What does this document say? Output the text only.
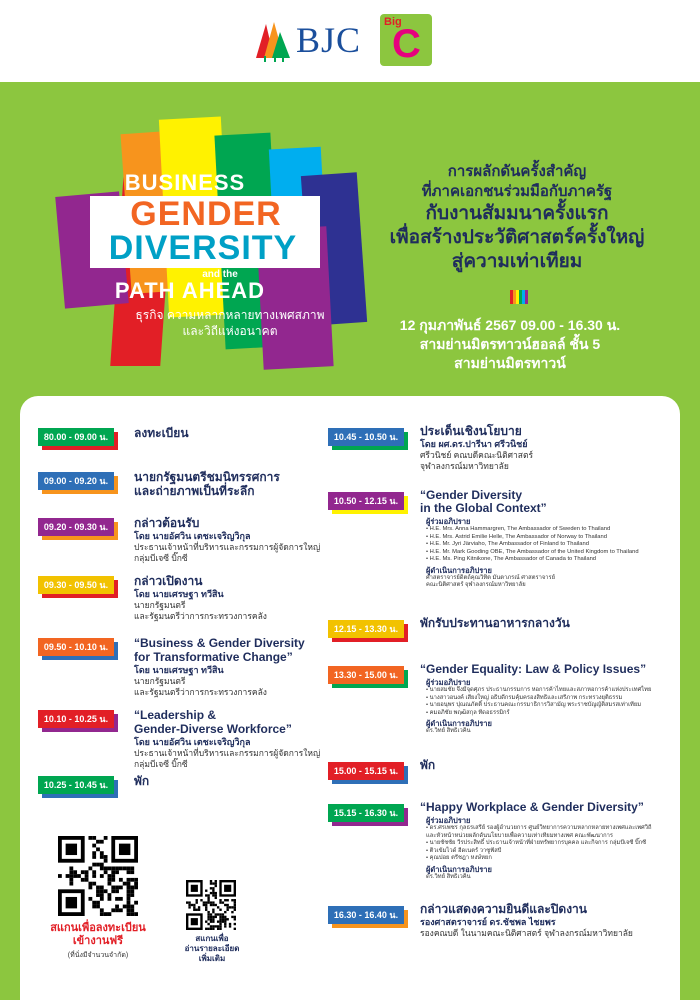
BJC Big
C
BUSINESS
GENDER
DIVERSITY
and the
PATH AHEAD
ธุรกิจ ความหลากหลายทางเพศสภาพ
และวิถีแห่งอนาคต
การผลักดันครั้งสำคัญ
ที่ภาคเอกชนร่วมมือกับภาครัฐ
กับงานสัมมนาครั้งแรก
เพื่อสร้างประวัติศาสตร์ครั้งใหญ่
สู่ความเท่าเทียม
12 กุมภาพันธ์ 2567 09.00 - 16.30 น.
สามย่านมิตรทาวน์ฮอลล์ ชั้น 5
สามย่านมิตรทาวน์
สแกนเพื่อลงทะเบียน
เข้างานฟรี
(ที่นั่งมีจำนวนจำกัด)
สแกนเพื่อ
อ่านรายละเอียด
เพิ่มเติม
80.00 - 09.00 น.	ลงทะเบียน
09.00 - 09.20 น.	นายกรัฐมนตรีชมนิทรรศการ
และถ่ายภาพเป็นที่ระลึก
09.20 - 09.30 น.	กล่าวต้อนรับ
โดย นายอัศวิน เตชะเจริญวิกุล
ประธานเจ้าหน้าที่บริหารและกรรมการผู้จัดการใหญ่
กลุ่มบีเจซี บิ๊กซี
09.30 - 09.50 น.	กล่าวเปิดงาน
โดย นายเศรษฐา ทวีสิน
นายกรัฐมนตรี
และรัฐมนตรีว่าการกระทรวงการคลัง
09.50 - 10.10 น.	“Business & Gender Diversity
for Transformative Change”
โดย นายเศรษฐา ทวีสิน
นายกรัฐมนตรี
และรัฐมนตรีว่าการกระทรวงการคลัง
10.10 - 10.25 น.	“Leadership &
Gender-Diverse Workforce”
โดย นายอัศวิน เตชะเจริญวิกุล
ประธานเจ้าหน้าที่บริหารและกรรมการผู้จัดการใหญ่
กลุ่มบีเจซี บิ๊กซี
10.25 - 10.45 น.	พัก
10.45 - 10.50 น.	ประเด็นเชิงนโยบาย
โดย ผศ.ดร.ปารีนา ศรีวนิชย์
ศรีวนิชย์ คณบดีคณะนิติศาสตร์
จุฬาลงกรณ์มหาวิทยาลัย
10.50 - 12.15 น.	“Gender Diversity
in the Global Context”
ผู้ร่วมอภิปราย
• H.E. Mrs. Anna Hammargren, The Ambassador of Sweden to Thailand
• H.E. Mrs. Astrid Emilie Helle, The Ambassador of Norway to Thailand
• H.E. Mr. Jyri Järviaho, The Ambassador of Finland to Thailand
• H.E. Mr. Mark Gooding OBE, The Ambassador of the United Kingdom to Thailand
• H.E. Ms. Ping Kitnikone, The Ambassador of Canada to Thailand
ผู้ดำเนินการอภิปราย
ศาสตราจารย์ดิตถ์คุณวิทิต มันตาภรณ์ ศาสตราจารย์
คณะนิติศาสตร์ จุฬาลงกรณ์มหาวิทยาลัย
12.15 - 13.30 น.	พักรับประทานอาหารกลางวัน
13.30 - 15.00 น.	“Gender Equality: Law & Policy Issues”
ผู้ร่วมอภิปราย
• นายสมชัย จึงมีจุดศุภร ประธานกรรมการ หอการค้าไทยและสภาหอการค้าแห่งประเทศไทย
• นางสาวอนงค์ เสียงใหญ่ อธิบดีกรมคุ้มครองสิทธิและเสรีภาพ กระทรวงยุติธรรม
• นายอนุพร ปุณณภัตติ์ ประธานคณะกรรมาธิการวิสามัญ พระราชบัญญัติสมรสเท่าเทียม
• คมอภิชัย พฤฒิสกุล ทีดอธรรมิกร์
ผู้ดำเนินการอภิปราย
ดร.วิทย์ สิทธิเวคิน
15.00 - 15.15 น.	พัก
15.15 - 16.30 น.	“Happy Workplace & Gender Diversity”
ผู้ร่วมอภิปราย
• ดร.ศรเพชร กุลธรเสรีย์ รองผู้อำนวยการ ศูนย์วิทยาการความหลากหลายทางเพศและเพศวิถี
และหัวหน้าหน่วยผลักดันนโยบายเพื่อความเท่าเทียมทางเพศ คณะพัฒนาการ
• นายชัชชัย วีรประสิทธิ์ ประธานเจ้าหน้าที่ฝ่ายทรัพยากรบุคคล และกิจการ กลุ่มบีเจซี บิ๊กซี
• ติวเข้มไวด์ ฮีดเนตร์ วาซูฟัสบี
• คุณปอย ตรีชฎา หงษ์หยก
ผู้ดำเนินการอภิปราย
ดร.วิทย์ สิทธิเวคิน
16.30 - 16.40 น.	กล่าวแสดงความยินดีและปิดงาน
รองศาสตราจารย์ ดร.ชัชพล ไชยพร
รองคณบดี ในนามคณะนิติศาสตร์ จุฬาลงกรณ์มหาวิทยาลัย
